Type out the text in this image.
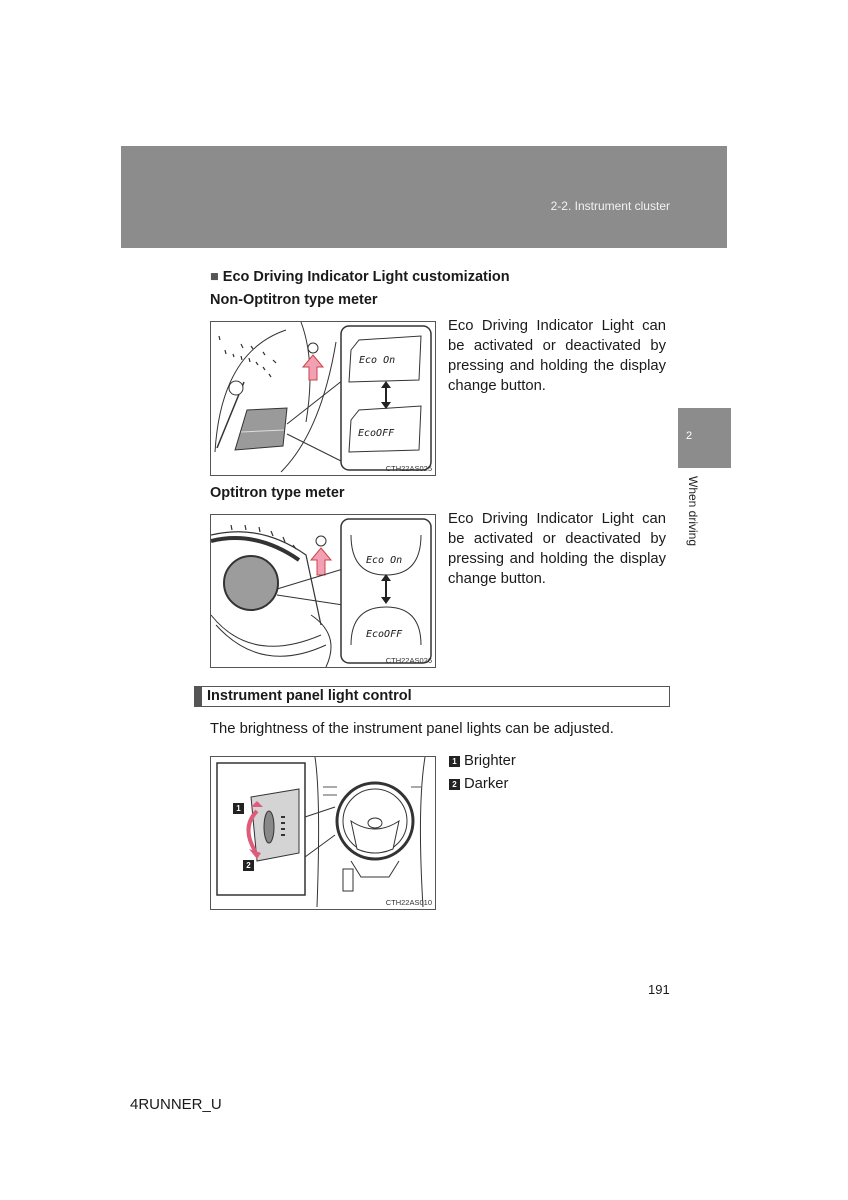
2-2. Instrument cluster
2
When driving
■ Eco Driving Indicator Light customization
Non-Optitron type meter
Eco On
EcoOFF
CTH22AS025
Eco Driving Indicator Light can be activated or deactivated by pressing and holding the display change button.
Optitron type meter
Eco On
EcoOFF
CTH22AS026
Eco Driving Indicator Light can be activated or deactivated by pressing and holding the display change button.
Instrument panel light control
The brightness of the instrument panel lights can be adjusted.
1
2
CTH22AS010
1 Brighter
2 Darker
191
4RUNNER_U
